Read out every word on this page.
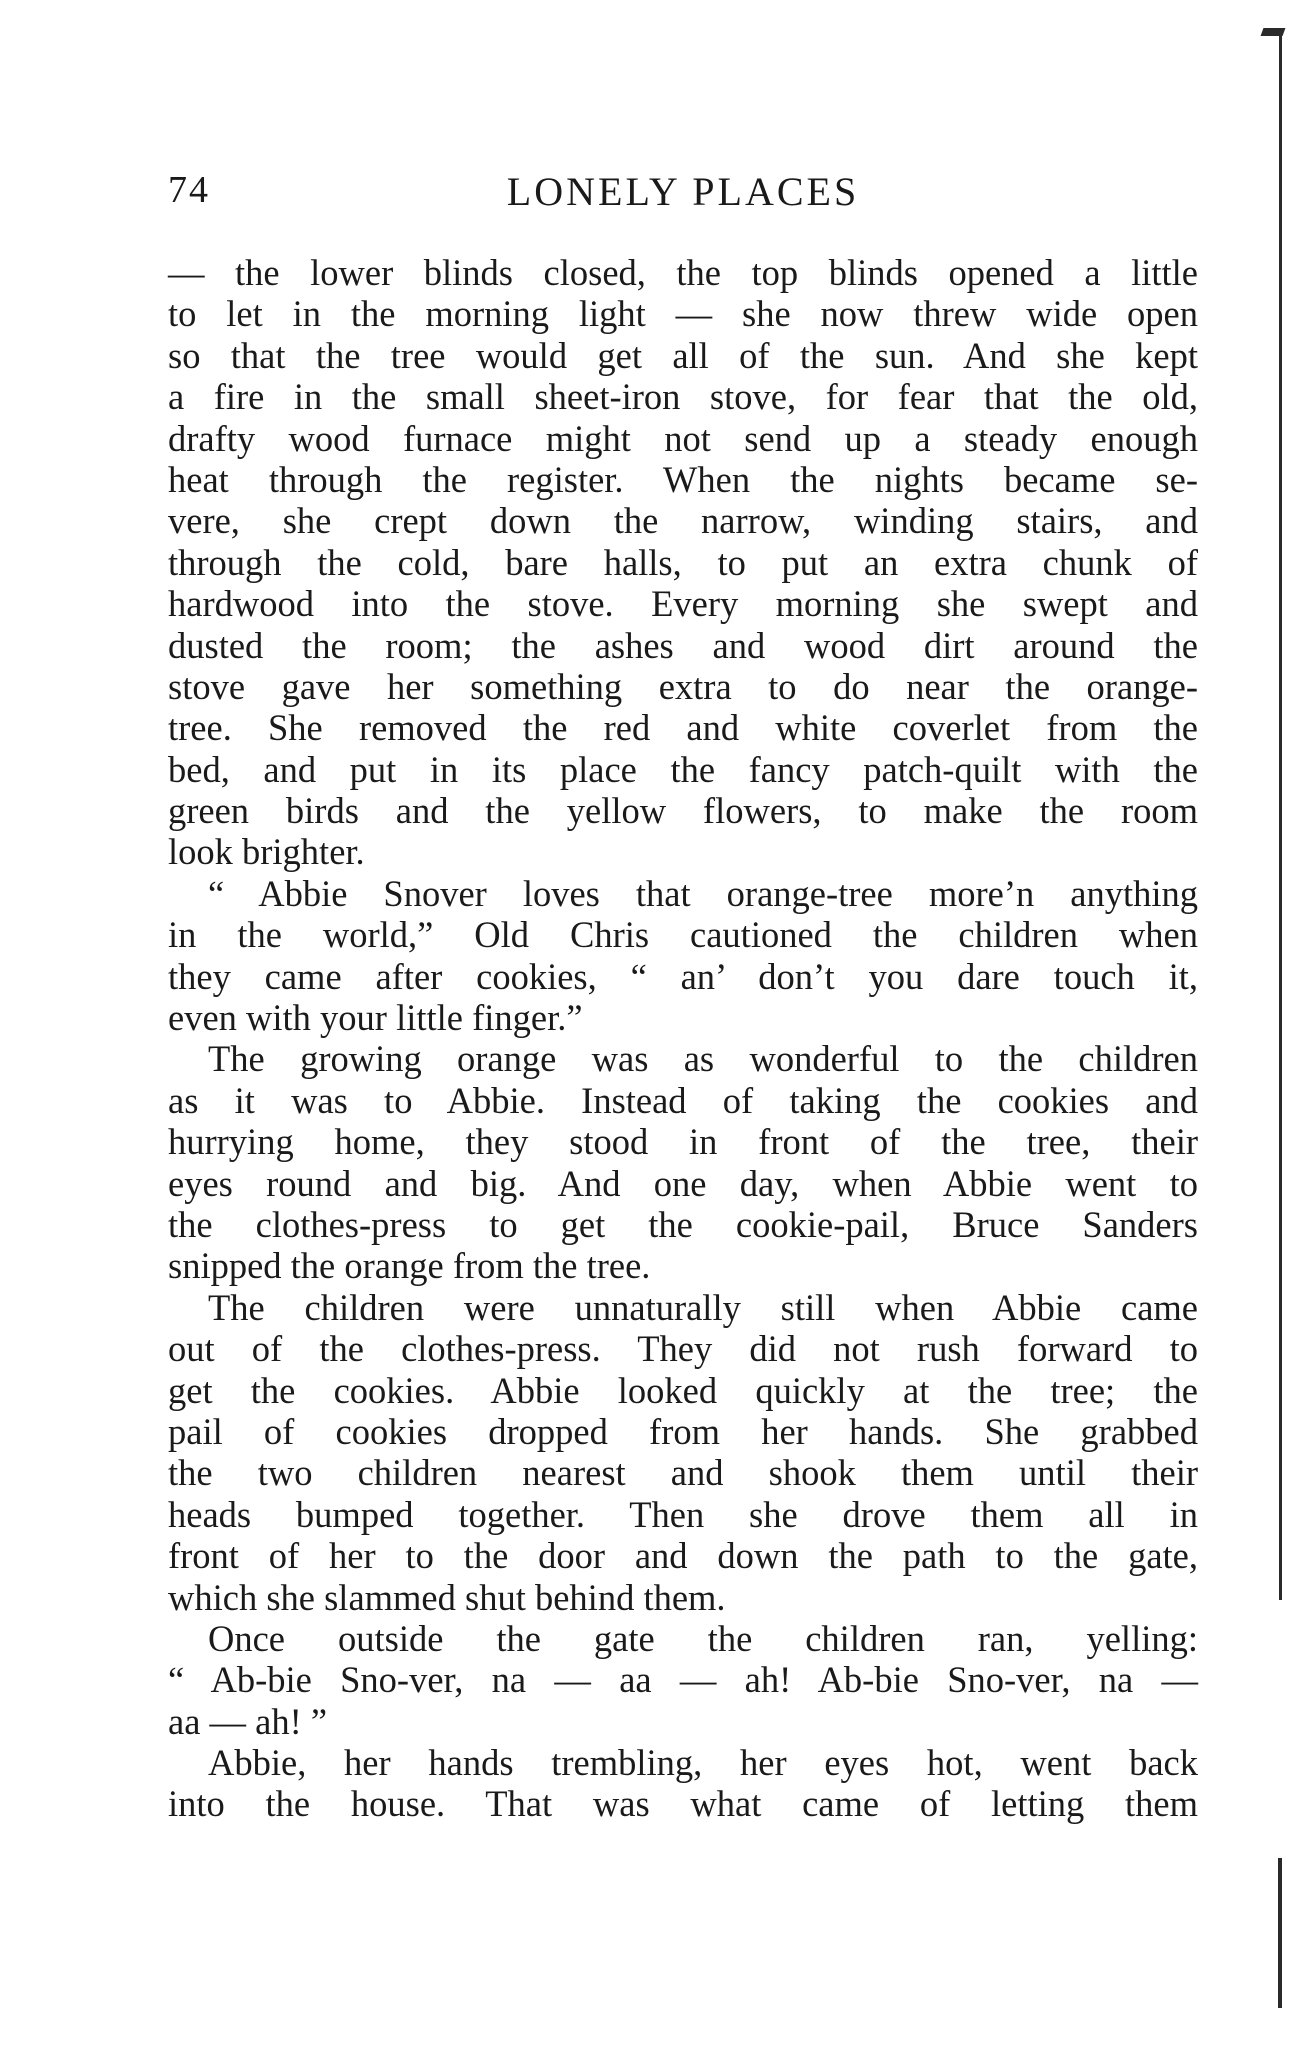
74	LONELY PLACES
— the lower blinds closed, the top blinds opened a little
to let in the morning light — she now threw wide open
so that the tree would get all of the sun. And she kept
a fire in the small sheet-iron stove, for fear that the old,
drafty wood furnace might not send up a steady enough
heat through the register. When the nights became se-
vere, she crept down the narrow, winding stairs, and
through the cold, bare halls, to put an extra chunk of
hardwood into the stove. Every morning she swept and
dusted the room; the ashes and wood dirt around the
stove gave her something extra to do near the orange-
tree. She removed the red and white coverlet from the
bed, and put in its place the fancy patch-quilt with the
green birds and the yellow flowers, to make the room
look brighter.
“ Abbie Snover loves that orange-tree more’n anything
in the world,” Old Chris cautioned the children when
they came after cookies, “ an’ don’t you dare touch it,
even with your little finger.”
The growing orange was as wonderful to the children
as it was to Abbie. Instead of taking the cookies and
hurrying home, they stood in front of the tree, their
eyes round and big. And one day, when Abbie went to
the clothes-press to get the cookie-pail, Bruce Sanders
snipped the orange from the tree.
The children were unnaturally still when Abbie came
out of the clothes-press. They did not rush forward to
get the cookies. Abbie looked quickly at the tree; the
pail of cookies dropped from her hands. She grabbed
the two children nearest and shook them until their
heads bumped together. Then she drove them all in
front of her to the door and down the path to the gate,
which she slammed shut behind them.
Once outside the gate the children ran, yelling:
“ Ab-bie Sno-ver, na — aa — ah! Ab-bie Sno-ver, na —
aa — ah! ”
Abbie, her hands trembling, her eyes hot, went back
into the house. That was what came of letting them
